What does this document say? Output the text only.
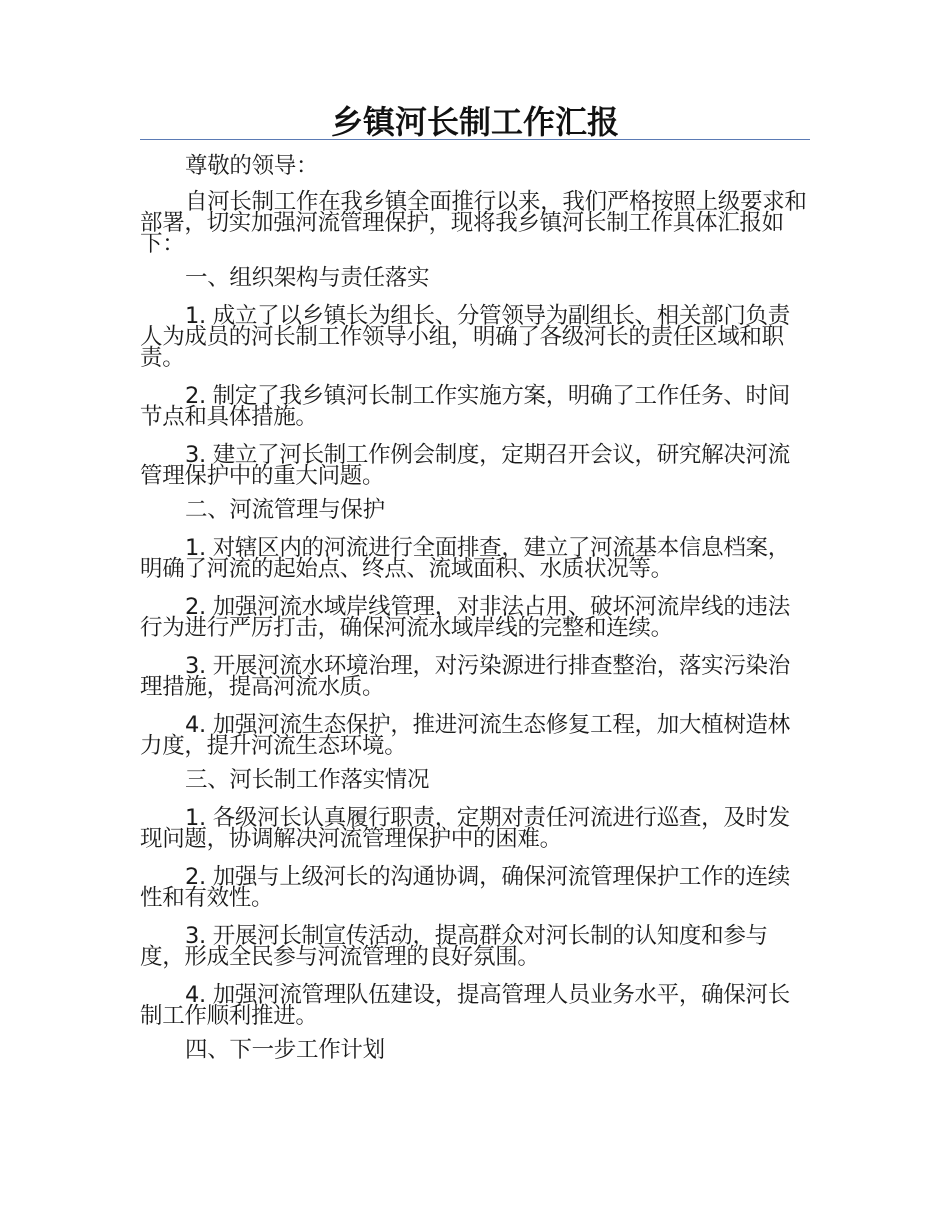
乡镇河长制工作汇报

尊敬的领导：

自河长制工作在我乡镇全面推行以来，我们严格按照上级要求和部署，切实加强河流管理保护，现将我乡镇河长制工作具体汇报如下：

一、组织架构与责任落实

1. 成立了以乡镇长为组长、分管领导为副组长、相关部门负责人为成员的河长制工作领导小组，明确了各级河长的责任区域和职责。

2. 制定了我乡镇河长制工作实施方案，明确了工作任务、时间节点和具体措施。

3. 建立了河长制工作例会制度，定期召开会议，研究解决河流管理保护中的重大问题。

二、河流管理与保护

1. 对辖区内的河流进行全面排查，建立了河流基本信息档案，明确了河流的起始点、终点、流域面积、水质状况等。

2. 加强河流水域岸线管理，对非法占用、破坏河流岸线的违法行为进行严厉打击，确保河流水域岸线的完整和连续。

3. 开展河流水环境治理，对污染源进行排查整治，落实污染治理措施，提高河流水质。

4. 加强河流生态保护，推进河流生态修复工程，加大植树造林力度，提升河流生态环境。

三、河长制工作落实情况

1. 各级河长认真履行职责，定期对责任河流进行巡查，及时发现问题，协调解决河流管理保护中的困难。

2. 加强与上级河长的沟通协调，确保河流管理保护工作的连续性和有效性。

3. 开展河长制宣传活动，提高群众对河长制的认知度和参与度，形成全民参与河流管理的良好氛围。

4. 加强河流管理队伍建设，提高管理人员业务水平，确保河长制工作顺利推进。

四、下一步工作计划
